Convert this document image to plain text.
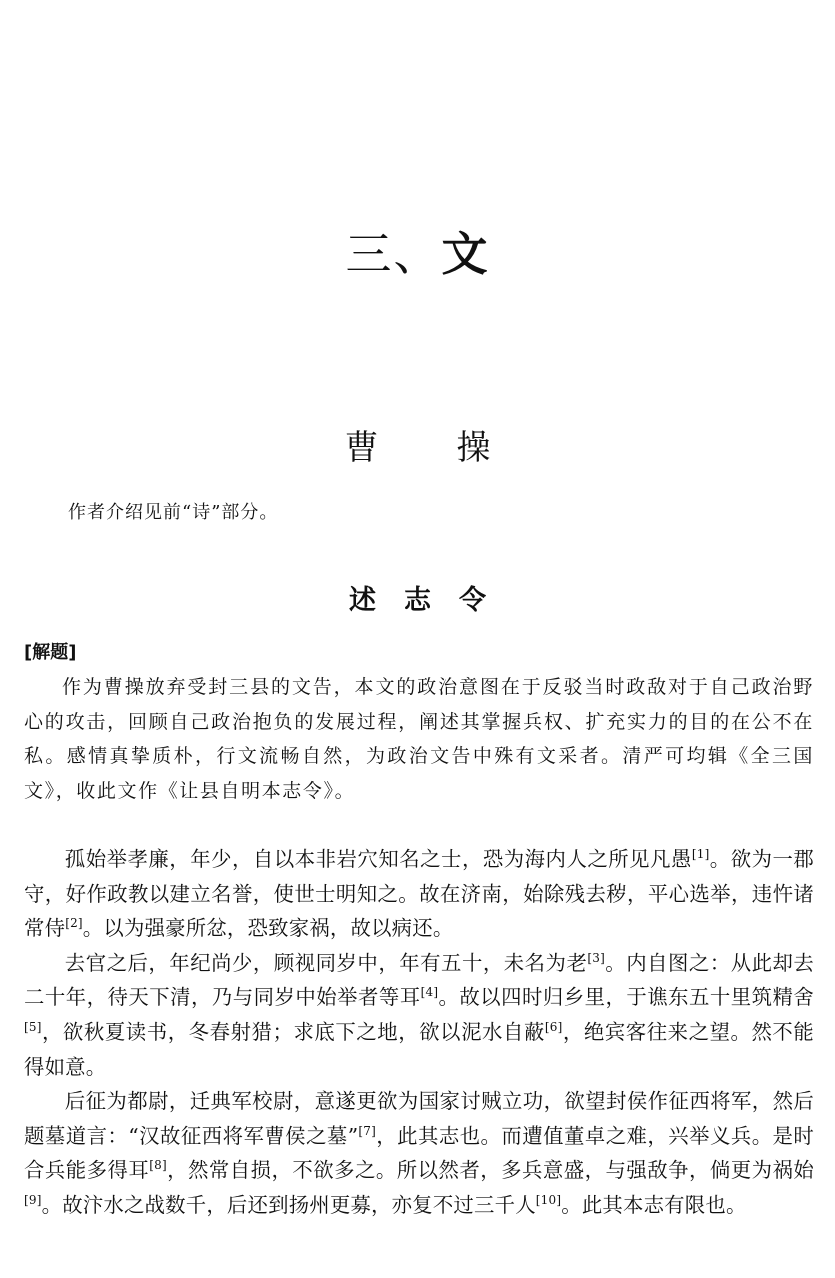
三、文
曹 操
作者介绍见前“诗”部分。
述 志 令
[解题]

作为曹操放弃受封三县的文告，本文的政治意图在于反驳当时政敌对于自己政治野心的攻击，回顾自己政治抱负的发展过程，阐述其掌握兵权、扩充实力的目的在公不在私。感情真挚质朴，行文流畅自然，为政治文告中殊有文采者。清严可均辑《全三国文》，收此文作《让县自明本志令》。

孤始举孝廉，年少，自以本非岩穴知名之士，恐为海内人之所见凡愚[1]。欲为一郡守，好作政教以建立名誉，使世士明知之。故在济南，始除残去秽，平心选举，违忤诸常侍[2]。以为强豪所忿，恐致家祸，故以病还。

去官之后，年纪尚少，顾视同岁中，年有五十，未名为老[3]。内自图之：从此却去二十年，待天下清，乃与同岁中始举者等耳[4]。故以四时归乡里，于谯东五十里筑精舍[5]，欲秋夏读书，冬春射猎；求底下之地，欲以泥水自蔽[6]，绝宾客往来之望。然不能得如意。

后征为都尉，迁典军校尉，意遂更欲为国家讨贼立功，欲望封侯作征西将军，然后题墓道言：“汉故征西将军曹侯之墓”[7]，此其志也。而遭值董卓之难，兴举义兵。是时合兵能多得耳[8]，然常自损，不欲多之。所以然者，多兵意盛，与强敌争，倘更为祸始[9]。故汴水之战数千，后还到扬州更募，亦复不过三千人[10]。此其本志有限也。
